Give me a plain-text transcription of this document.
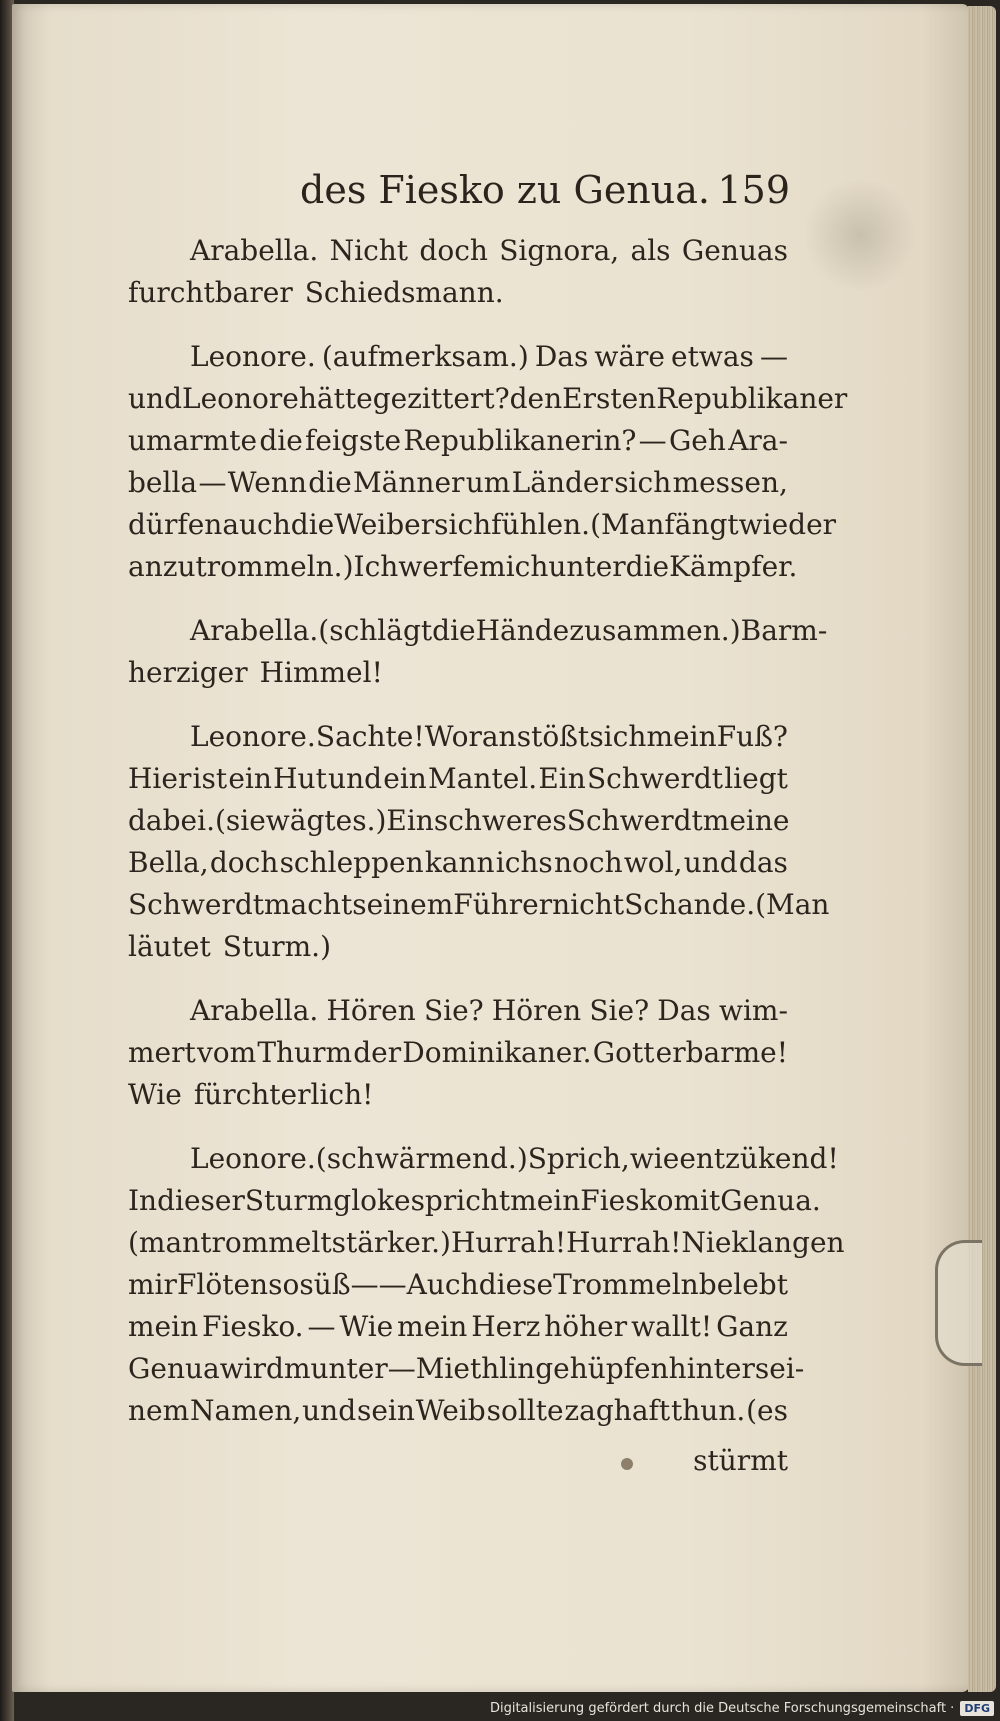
des Fiesko zu Genua. 159
Arabella. Nicht doch Signora, als Genuas
furchtbarer Schiedsmann.
Leonore. (aufmerksam.) Das wäre etwas —
und Leonore hätte gezittert? den Ersten Republikaner
umarmte die feigste Republikanerin? — Geh Ara-
bella — Wenn die Männer um Länder sich messen,
dürfen auch die Weiber sich fühlen. (Man fängt wieder
an zu trommeln.) Ich werfe mich unter die Kämpfer.
Arabella. (schlägt die Hände zusammen.) Barm-
herziger Himmel!
Leonore. Sachte! Woran stößt sich mein Fuß?
Hier ist ein Hut und ein Mantel. Ein Schwerdt liegt
dabei. (sie wägt es.) Ein schweres Schwerdt meine
Bella, doch schleppen kann ichs noch wol, und das
Schwerdt macht seinem Führer nicht Schande. (Man
läutet Sturm.)
Arabella. Hören Sie? Hören Sie? Das wim-
mert vom Thurm der Dominikaner. Gott erbarme!
Wie fürchterlich!
Leonore. (schwärmend.) Sprich, wie entzükend!
In dieser Sturmgloke spricht mein Fiesko mit Genua.
(man trommelt stärker.) Hurrah! Hurrah! Nie klangen
mir Flöten so süß —— Auch diese Trommeln belebt
mein Fiesko. — Wie mein Herz höher wallt! Ganz
Genua wird munter — Miethlinge hüpfen hinter sei-
nem Namen, und sein Weib sollte zaghaft thun. (es
stürmt
Digitalisierung gefördert durch die Deutsche Forschungsgemeinschaft · DFG
